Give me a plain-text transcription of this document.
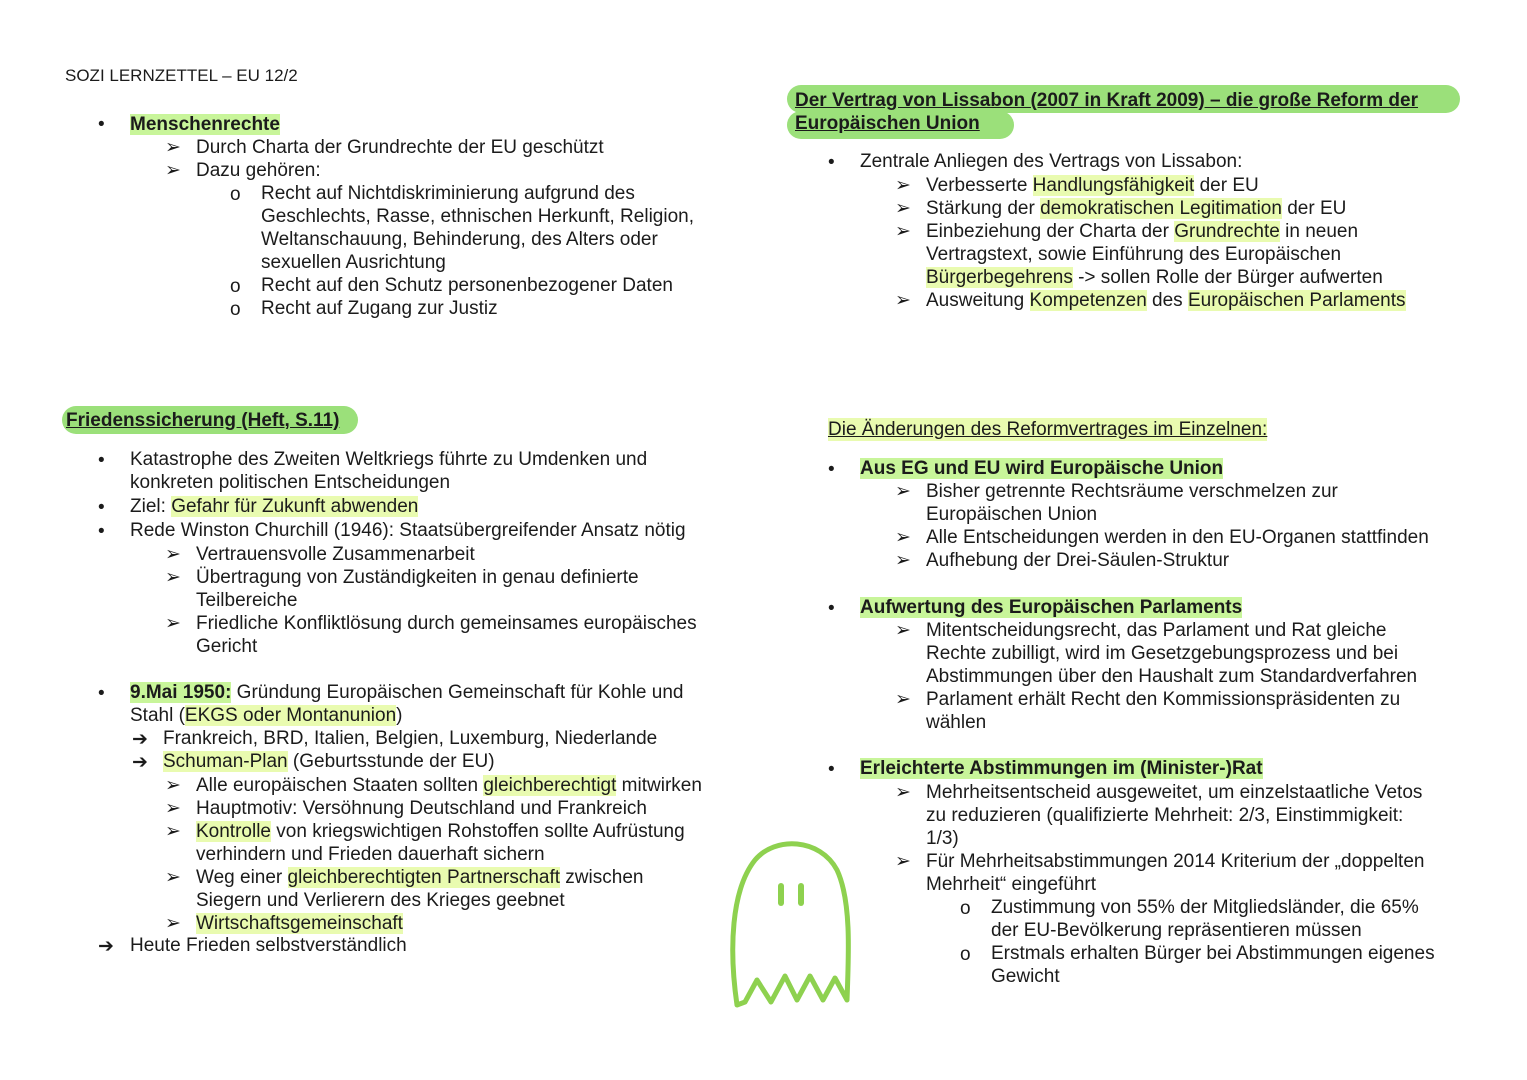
SOZI LERNZETTEL – EU 12/2
• Menschenrechte
➢ Durch Charta der Grundrechte der EU geschützt
➢ Dazu gehören:
o Recht auf Nichtdiskriminierung aufgrund des
Geschlechts, Rasse, ethnischen Herkunft, Religion,
Weltanschauung, Behinderung, des Alters oder
sexuellen Ausrichtung
o Recht auf den Schutz personenbezogener Daten
o Recht auf Zugang zur Justiz
Friedenssicherung (Heft, S.11)
• Katastrophe des Zweiten Weltkriegs führte zu Umdenken und
konkreten politischen Entscheidungen
• Ziel: Gefahr für Zukunft abwenden
• Rede Winston Churchill (1946): Staatsübergreifender Ansatz nötig
➢ Vertrauensvolle Zusammenarbeit
➢ Übertragung von Zuständigkeiten in genau definierte
Teilbereiche
➢ Friedliche Konfliktlösung durch gemeinsames europäisches
Gericht
• 9.Mai 1950: Gründung Europäischen Gemeinschaft für Kohle und
Stahl (EKGS oder Montanunion)
➔ Frankreich, BRD, Italien, Belgien, Luxemburg, Niederlande
➔ Schuman-Plan (Geburtsstunde der EU)
➢ Alle europäischen Staaten sollten gleichberechtigt mitwirken
➢ Hauptmotiv: Versöhnung Deutschland und Frankreich
➢ Kontrolle von kriegswichtigen Rohstoffen sollte Aufrüstung
verhindern und Frieden dauerhaft sichern
➢ Weg einer gleichberechtigten Partnerschaft zwischen
Siegern und Verlierern des Krieges geebnet
➢ Wirtschaftsgemeinschaft
➔ Heute Frieden selbstverständlich
Der Vertrag von Lissabon (2007 in Kraft 2009) – die große Reform der
Europäischen Union
• Zentrale Anliegen des Vertrags von Lissabon:
➢ Verbesserte Handlungsfähigkeit der EU
➢ Stärkung der demokratischen Legitimation der EU
➢ Einbeziehung der Charta der Grundrechte in neuen
Vertragstext, sowie Einführung des Europäischen
Bürgerbegehrens -> sollen Rolle der Bürger aufwerten
➢ Ausweitung Kompetenzen des Europäischen Parlaments
Die Änderungen des Reformvertrages im Einzelnen:
• Aus EG und EU wird Europäische Union
➢ Bisher getrennte Rechtsräume verschmelzen zur
Europäischen Union
➢ Alle Entscheidungen werden in den EU-Organen stattfinden
➢ Aufhebung der Drei-Säulen-Struktur
• Aufwertung des Europäischen Parlaments
➢ Mitentscheidungsrecht, das Parlament und Rat gleiche
Rechte zubilligt, wird im Gesetzgebungsprozess und bei
Abstimmungen über den Haushalt zum Standardverfahren
➢ Parlament erhält Recht den Kommissionspräsidenten zu
wählen
• Erleichterte Abstimmungen im (Minister-)Rat
➢ Mehrheitsentscheid ausgeweitet, um einzelstaatliche Vetos
zu reduzieren (qualifizierte Mehrheit: 2/3, Einstimmigkeit:
1/3)
➢ Für Mehrheitsabstimmungen 2014 Kriterium der „doppelten
Mehrheit“ eingeführt
o Zustimmung von 55% der Mitgliedsländer, die 65%
der EU-Bevölkerung repräsentieren müssen
o Erstmals erhalten Bürger bei Abstimmungen eigenes
Gewicht
